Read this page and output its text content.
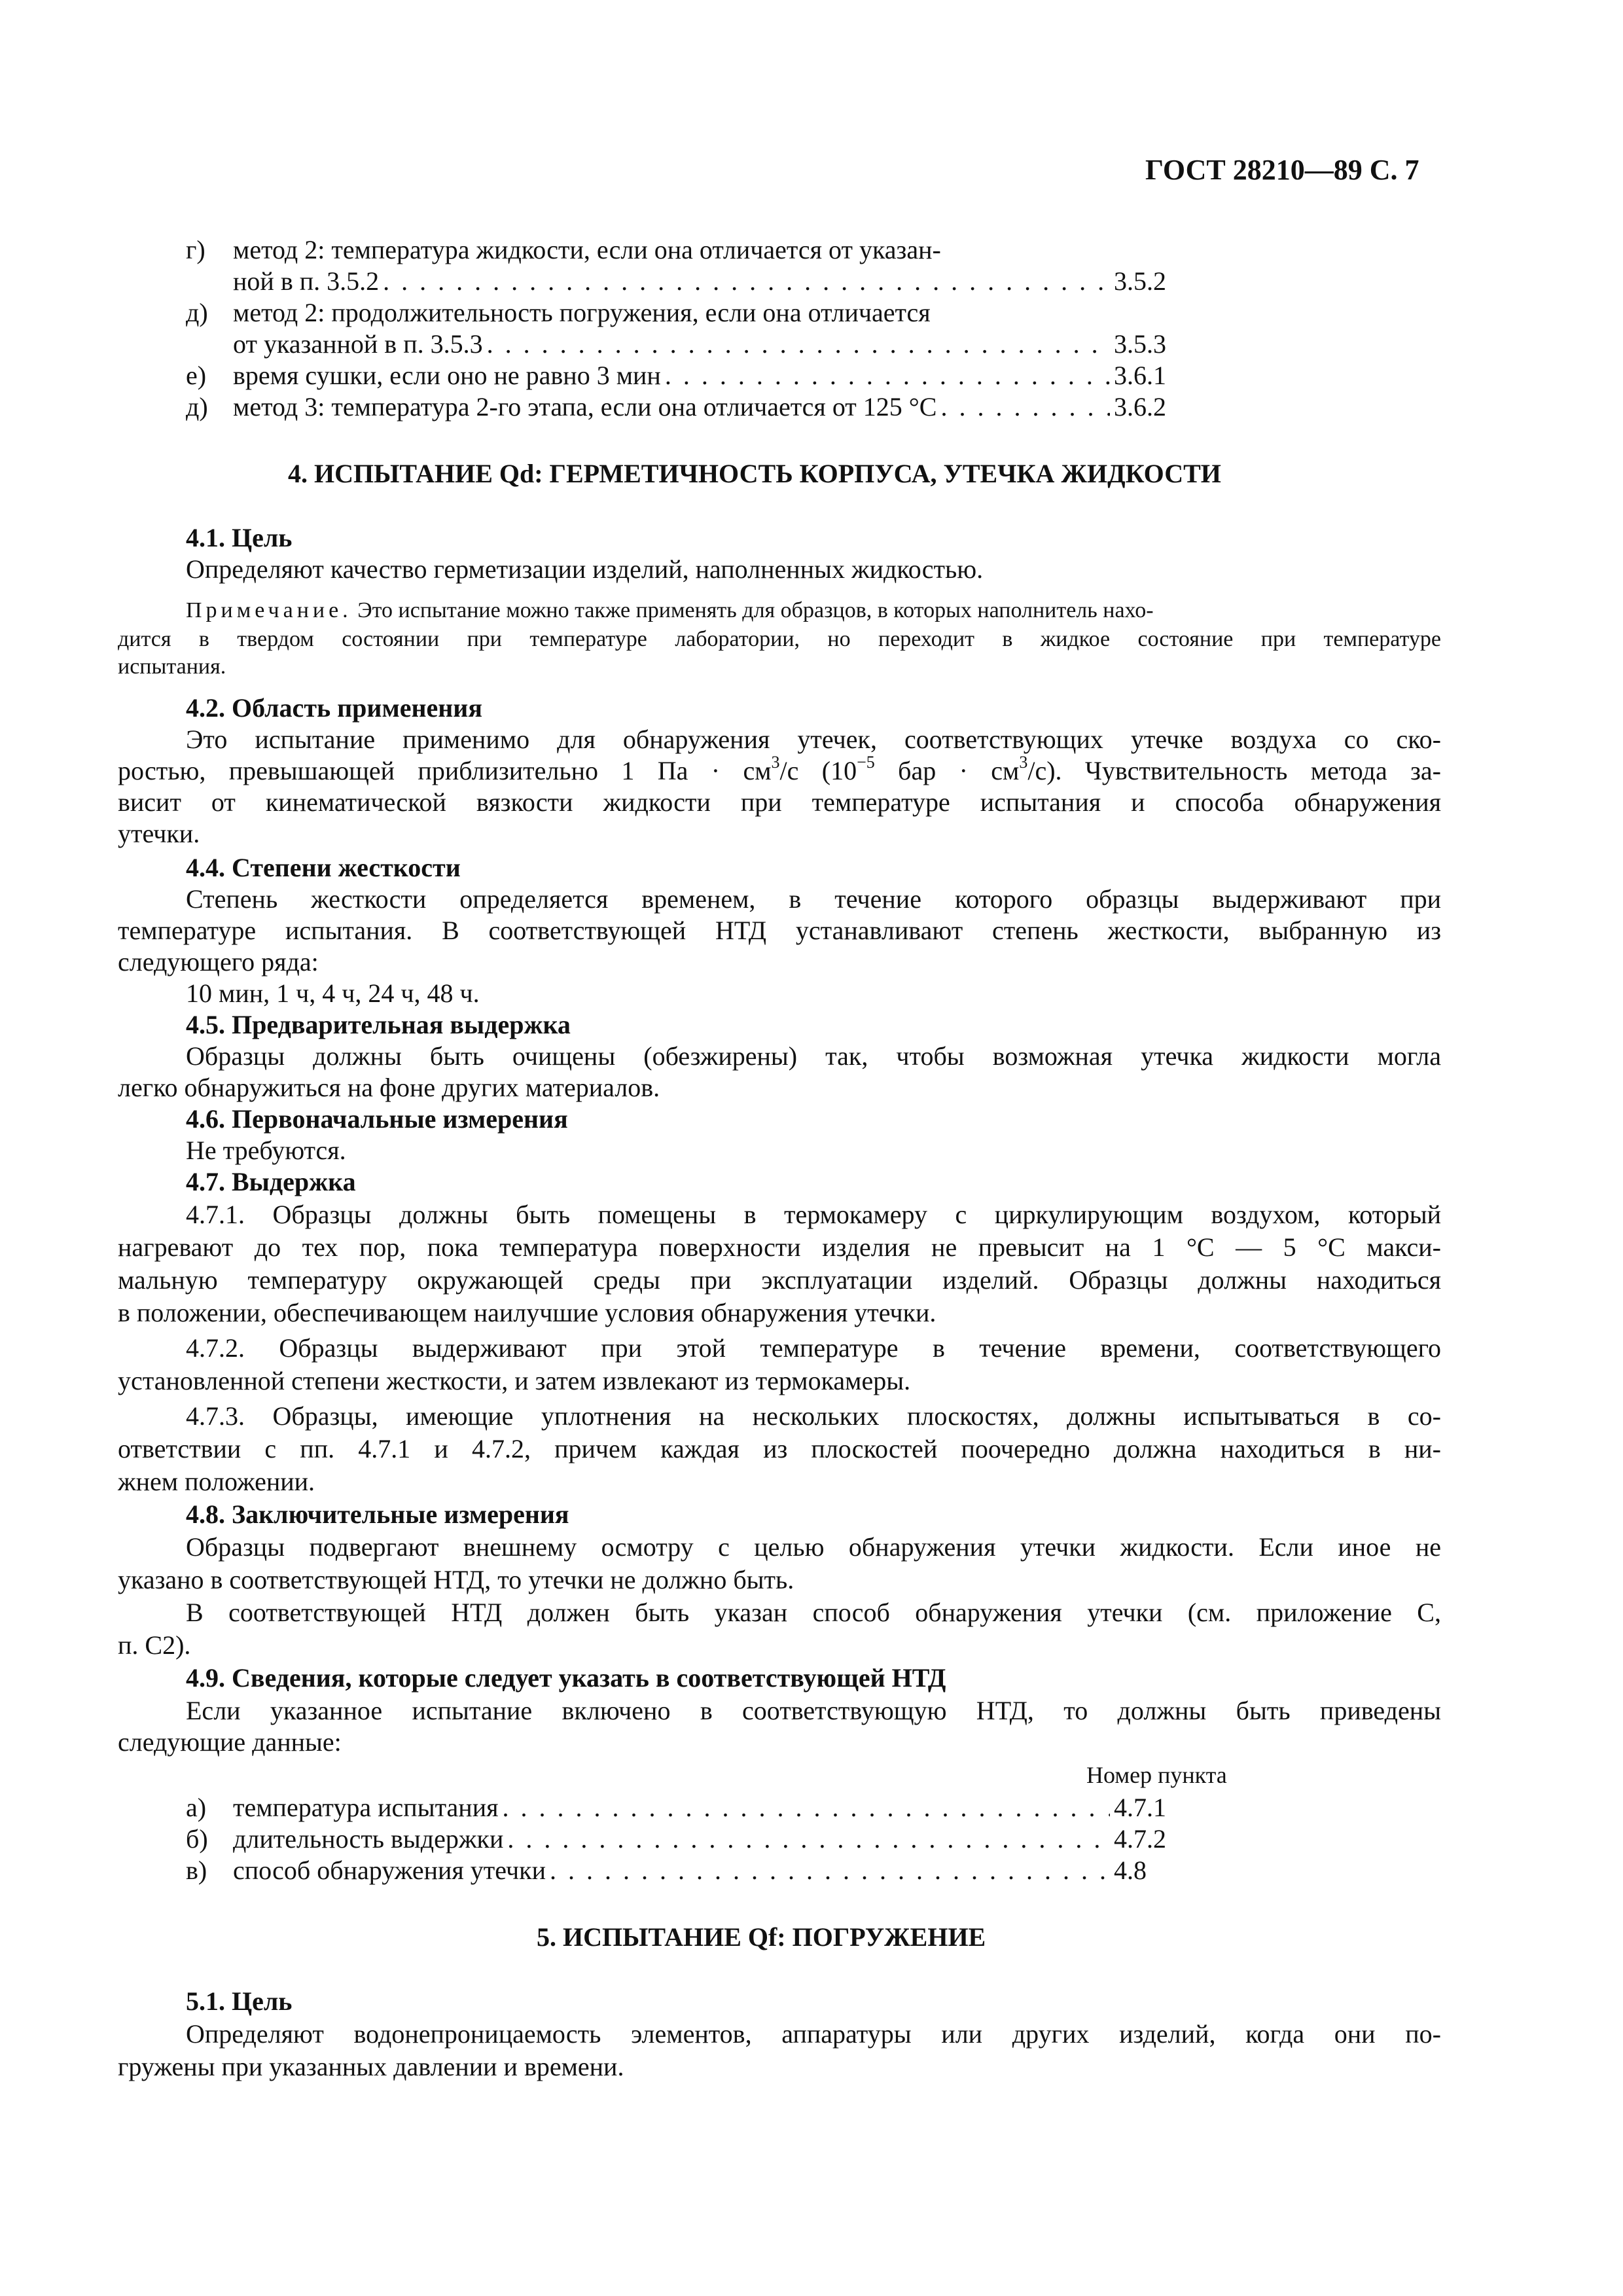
ГОСТ 28210—89 С. 7
г) метод 2: температура жидкости, если она отличается от указан-
ной в п. 3.5.2 . .	3.5.2
д) метод 2: продолжительность погружения, если она отличается
от указанной в п. 3.5.3 . .	3.5.3
е) время сушки, если оно не равно 3 мин . .	3.6.1
д) метод 3: температура 2-го этапа, если она отличается от 125 °С . .	3.6.2
4. ИСПЫТАНИЕ Qd: ГЕРМЕТИЧНОСТЬ КОРПУСА, УТЕЧКА ЖИДКОСТИ
4.1. Цель
Определяют качество герметизации изделий, наполненных жидкостью.
Примечание. Это испытание можно также применять для образцов, в которых наполнитель нахо-
дится в твердом состоянии при температуре лаборатории, но переходит в жидкое состояние при температуре
испытания.
4.2. Область применения
Это испытание применимо для обнаружения утечек, соответствующих утечке воздуха со ско-
ростью, превышающей приблизительно 1 Па · $см^3/с$ ($10^{-5}$ бар · $см^3/с$). Чувствительность метода за-
висит от кинематической вязкости жидкости при температуре испытания и способа обнаружения
утечки.
4.4. Степени жесткости
Степень жесткости определяется временем, в течение которого образцы выдерживают при
температуре испытания. В соответствующей НТД устанавливают степень жесткости, выбранную из
следующего ряда:
10 мин, 1 ч, 4 ч, 24 ч, 48 ч.
4.5. Предварительная выдержка
Образцы должны быть очищены (обезжирены) так, чтобы возможная утечка жидкости могла
легко обнаружиться на фоне других материалов.
4.6. Первоначальные измерения
Не требуются.
4.7. Выдержка
4.7.1. Образцы должны быть помещены в термокамеру с циркулирующим воздухом, который
нагревают до тех пор, пока температура поверхности изделия не превысит на 1 °С — 5 °С макси-
мальную температуру окружающей среды при эксплуатации изделий. Образцы должны находиться
в положении, обеспечивающем наилучшие условия обнаружения утечки.
4.7.2. Образцы выдерживают при этой температуре в течение времени, соответствующего
установленной степени жесткости, и затем извлекают из термокамеры.
4.7.3. Образцы, имеющие уплотнения на нескольких плоскостях, должны испытываться в со-
ответствии с пп. 4.7.1 и 4.7.2, причем каждая из плоскостей поочередно должна находиться в ни-
жнем положении.
4.8. Заключительные измерения
Образцы подвергают внешнему осмотру с целью обнаружения утечки жидкости. Если иное не
указано в соответствующей НТД, то утечки не должно быть.
В соответствующей НТД должен быть указан способ обнаружения утечки (см. приложение С,
п. С2).
4.9. Сведения, которые следует указать в соответствующей НТД
Если указанное испытание включено в соответствующую НТД, то должны быть приведены
следующие данные:
Номер пункта
а) температура испытания . .	4.7.1
б) длительность выдержки . .	4.7.2
в) способ обнаружения утечки . .	4.8
5. ИСПЫТАНИЕ Qf: ПОГРУЖЕНИЕ
5.1. Цель
Определяют водонепроницаемость элементов, аппаратуры или других изделий, когда они по-
гружены при указанных давлении и времени.
